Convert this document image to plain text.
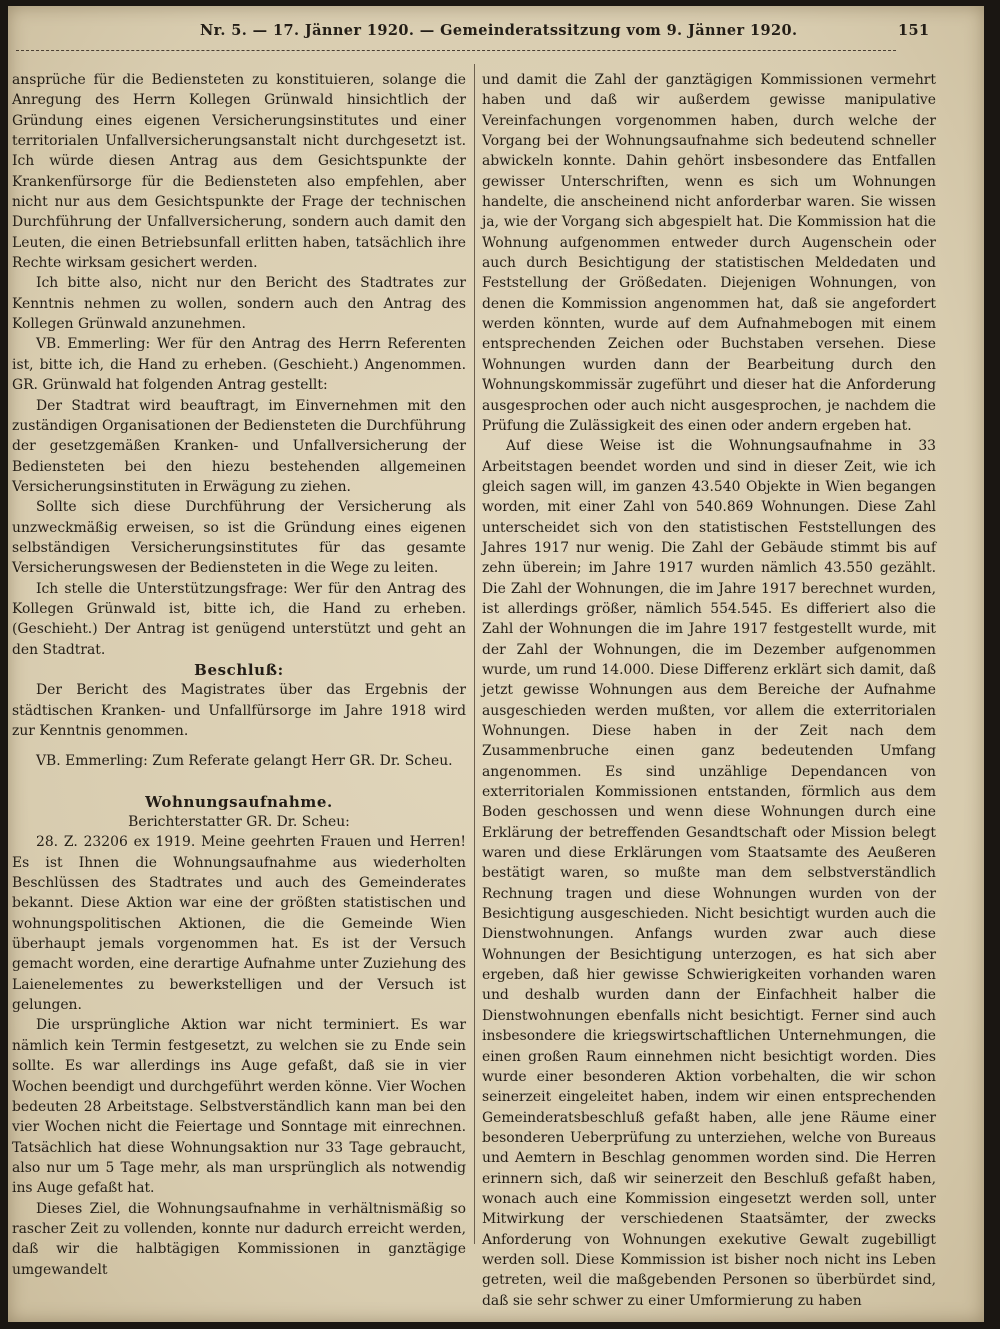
Nr. 5. — 17. Jänner 1920. — Gemeinderatssitzung vom 9. Jänner 1920.	151

ansprüche für die Bediensteten zu konstituieren, solange die Anregung des Herrn Kollegen Grünwald hinsichtlich der Gründung eines eigenen Versicherungsinstitutes und einer territorialen Unfallversicherungsanstalt nicht durchgesetzt ist. Ich würde diesen Antrag aus dem Gesichtspunkte der Krankenfürsorge für die Bediensteten also empfehlen, aber nicht nur aus dem Gesichtspunkte der Frage der technischen Durchführung der Unfallversicherung, sondern auch damit den Leuten, die einen Betriebsunfall erlitten haben, tatsächlich ihre Rechte wirksam gesichert werden.

Ich bitte also, nicht nur den Bericht des Stadtrates zur Kenntnis nehmen zu wollen, sondern auch den Antrag des Kollegen Grünwald anzunehmen.

VB. Emmerling: Wer für den Antrag des Herrn Referenten ist, bitte ich, die Hand zu erheben. (Geschieht.) Angenommen. GR. Grünwald hat folgenden Antrag gestellt:

Der Stadtrat wird beauftragt, im Einvernehmen mit den zuständigen Organisationen der Bediensteten die Durchführung der gesetzgemäßen Kranken- und Unfallversicherung der Bediensteten bei den hiezu bestehenden allgemeinen Versicherungsinstituten in Erwägung zu ziehen.

Sollte sich diese Durchführung der Versicherung als unzweckmäßig erweisen, so ist die Gründung eines eigenen selbständigen Versicherungsinstitutes für das gesamte Versicherungswesen der Bediensteten in die Wege zu leiten.

Ich stelle die Unterstützungsfrage: Wer für den Antrag des Kollegen Grünwald ist, bitte ich, die Hand zu erheben. (Geschieht.) Der Antrag ist genügend unterstützt und geht an den Stadtrat.

Beschluß:

Der Bericht des Magistrates über das Ergebnis der städtischen Kranken- und Unfallfürsorge im Jahre 1918 wird zur Kenntnis genommen.

VB. Emmerling: Zum Referate gelangt Herr GR. Dr. Scheu.

Wohnungsaufnahme.

Berichterstatter GR. Dr. Scheu:

28. Z. 23206 ex 1919. Meine geehrten Frauen und Herren! Es ist Ihnen die Wohnungsaufnahme aus wiederholten Beschlüssen des Stadtrates und auch des Gemeinderates bekannt. Diese Aktion war eine der größten statistischen und wohnungspolitischen Aktionen, die die Gemeinde Wien überhaupt jemals vorgenommen hat. Es ist der Versuch gemacht worden, eine derartige Aufnahme unter Zuziehung des Laienelementes zu bewerkstelligen und der Versuch ist gelungen.

Die ursprüngliche Aktion war nicht terminiert. Es war nämlich kein Termin festgesetzt, zu welchen sie zu Ende sein sollte. Es war allerdings ins Auge gefaßt, daß sie in vier Wochen beendigt und durchgeführt werden könne. Vier Wochen bedeuten 28 Arbeitstage. Selbstverständlich kann man bei den vier Wochen nicht die Feiertage und Sonntage mit einrechnen. Tatsächlich hat diese Wohnungsaktion nur 33 Tage gebraucht, also nur um 5 Tage mehr, als man ursprünglich als notwendig ins Auge gefaßt hat.

Dieses Ziel, die Wohnungsaufnahme in verhältnismäßig so rascher Zeit zu vollenden, konnte nur dadurch erreicht werden, daß wir die halbtägigen Kommissionen in ganztägige umgewandelt

und damit die Zahl der ganztägigen Kommissionen vermehrt haben und daß wir außerdem gewisse manipulative Vereinfachungen vorgenommen haben, durch welche der Vorgang bei der Wohnungsaufnahme sich bedeutend schneller abwickeln konnte. Dahin gehört insbesondere das Entfallen gewisser Unterschriften, wenn es sich um Wohnungen handelte, die anscheinend nicht anforderbar waren. Sie wissen ja, wie der Vorgang sich abgespielt hat. Die Kommission hat die Wohnung aufgenommen entweder durch Augenschein oder auch durch Besichtigung der statistischen Meldedaten und Feststellung der Größedaten. Diejenigen Wohnungen, von denen die Kommission angenommen hat, daß sie angefordert werden könnten, wurde auf dem Aufnahmebogen mit einem entsprechenden Zeichen oder Buchstaben versehen. Diese Wohnungen wurden dann der Bearbeitung durch den Wohnungskommissär zugeführt und dieser hat die Anforderung ausgesprochen oder auch nicht ausgesprochen, je nachdem die Prüfung die Zulässigkeit des einen oder andern ergeben hat.

Auf diese Weise ist die Wohnungsaufnahme in 33 Arbeitstagen beendet worden und sind in dieser Zeit, wie ich gleich sagen will, im ganzen 43.540 Objekte in Wien begangen worden, mit einer Zahl von 540.869 Wohnungen. Diese Zahl unterscheidet sich von den statistischen Feststellungen des Jahres 1917 nur wenig. Die Zahl der Gebäude stimmt bis auf zehn überein; im Jahre 1917 wurden nämlich 43.550 gezählt. Die Zahl der Wohnungen, die im Jahre 1917 berechnet wurden, ist allerdings größer, nämlich 554.545. Es differiert also die Zahl der Wohnungen die im Jahre 1917 festgestellt wurde, mit der Zahl der Wohnungen, die im Dezember aufgenommen wurde, um rund 14.000. Diese Differenz erklärt sich damit, daß jetzt gewisse Wohnungen aus dem Bereiche der Aufnahme ausgeschieden werden mußten, vor allem die exterritorialen Wohnungen. Diese haben in der Zeit nach dem Zusammenbruche einen ganz bedeutenden Umfang angenommen. Es sind unzählige Dependancen von exterritorialen Kommissionen entstanden, förmlich aus dem Boden geschossen und wenn diese Wohnungen durch eine Erklärung der betreffenden Gesandtschaft oder Mission belegt waren und diese Erklärungen vom Staatsamte des Aeußeren bestätigt waren, so mußte man dem selbstverständlich Rechnung tragen und diese Wohnungen wurden von der Besichtigung ausgeschieden. Nicht besichtigt wurden auch die Dienstwohnungen. Anfangs wurden zwar auch diese Wohnungen der Besichtigung unterzogen, es hat sich aber ergeben, daß hier gewisse Schwierigkeiten vorhanden waren und deshalb wurden dann der Einfachheit halber die Dienstwohnungen ebenfalls nicht besichtigt. Ferner sind auch insbesondere die kriegswirtschaftlichen Unternehmungen, die einen großen Raum einnehmen nicht besichtigt worden. Dies wurde einer besonderen Aktion vorbehalten, die wir schon seinerzeit eingeleitet haben, indem wir einen entsprechenden Gemeinderatsbeschluß gefaßt haben, alle jene Räume einer besonderen Ueberprüfung zu unterziehen, welche von Bureaus und Aemtern in Beschlag genommen worden sind. Die Herren erinnern sich, daß wir seinerzeit den Beschluß gefaßt haben, wonach auch eine Kommission eingesetzt werden soll, unter Mitwirkung der verschiedenen Staatsämter, der zwecks Anforderung von Wohnungen exekutive Gewalt zugebilligt werden soll. Diese Kommission ist bisher noch nicht ins Leben getreten, weil die maßgebenden Personen so überbürdet sind, daß sie sehr schwer zu einer Umformierung zu haben
